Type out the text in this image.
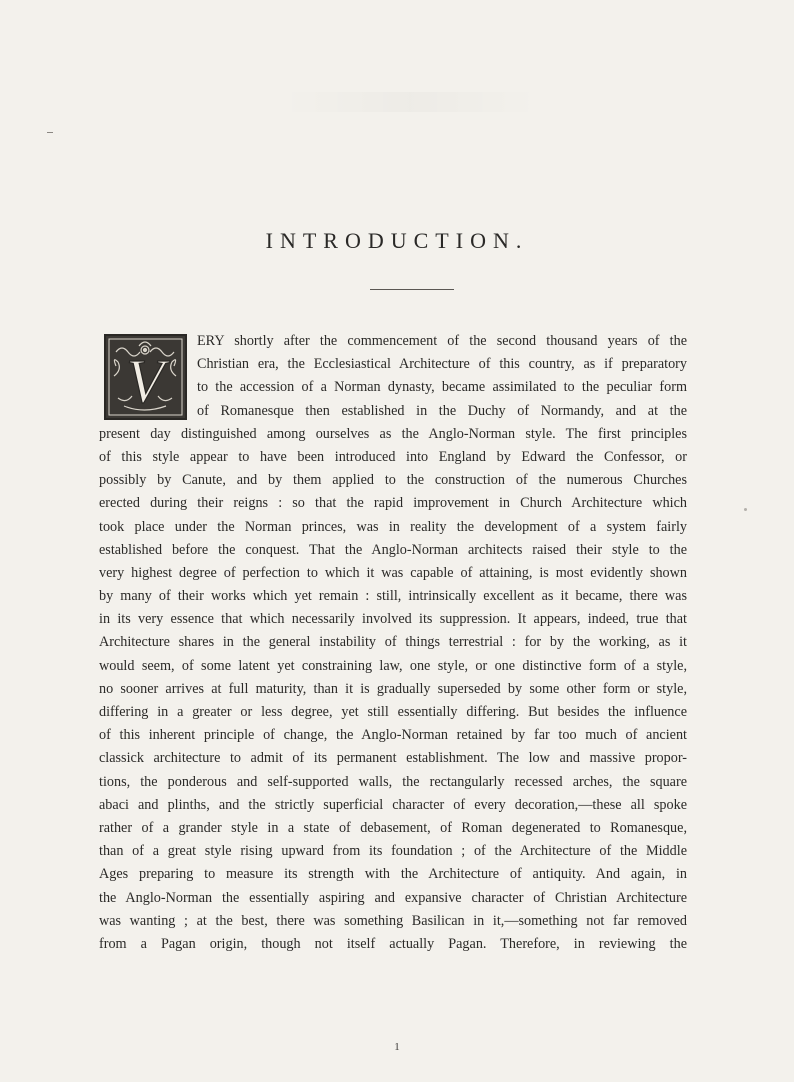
INTRODUCTION.
V
ERY shortly after the commencement of the second thousand years of the
Christian era, the Ecclesiastical Architecture of this country, as if preparatory
to the accession of a Norman dynasty, became assimilated to the peculiar form
of Romanesque then established in the Duchy of Normandy, and at the
present day distinguished among ourselves as the Anglo-Norman style. The first principles
of this style appear to have been introduced into England by Edward the Confessor, or
possibly by Canute, and by them applied to the construction of the numerous Churches
erected during their reigns : so that the rapid improvement in Church Architecture which
took place under the Norman princes, was in reality the development of a system fairly
established before the conquest. That the Anglo-Norman architects raised their style to the
very highest degree of perfection to which it was capable of attaining, is most evidently shown
by many of their works which yet remain : still, intrinsically excellent as it became, there was
in its very essence that which necessarily involved its suppression. It appears, indeed, true that
Architecture shares in the general instability of things terrestrial : for by the working, as it
would seem, of some latent yet constraining law, one style, or one distinctive form of a style,
no sooner arrives at full maturity, than it is gradually superseded by some other form or style,
differing in a greater or less degree, yet still essentially differing. But besides the influence
of this inherent principle of change, the Anglo-Norman retained by far too much of ancient
classick architecture to admit of its permanent establishment. The low and massive propor-
tions, the ponderous and self-supported walls, the rectangularly recessed arches, the square
abaci and plinths, and the strictly superficial character of every decoration,—these all spoke
rather of a grander style in a state of debasement, of Roman degenerated to Romanesque,
than of a great style rising upward from its foundation ; of the Architecture of the Middle
Ages preparing to measure its strength with the Architecture of antiquity. And again, in
the Anglo-Norman the essentially aspiring and expansive character of Christian Architecture
was wanting ; at the best, there was something Basilican in it,—something not far removed
from a Pagan origin, though not itself actually Pagan. Therefore, in reviewing the
1
